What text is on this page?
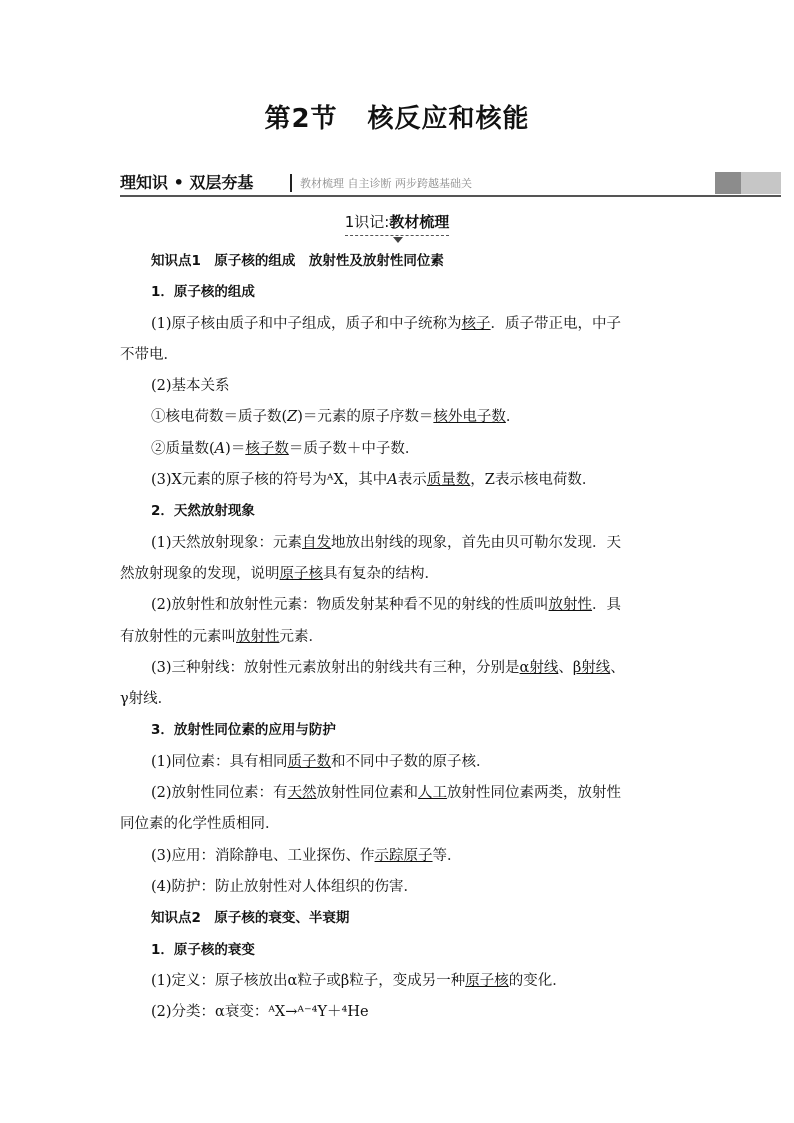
第2节 核反应和核能
理知识 • 双层夯基	教材梳理 自主诊断 两步跨越基础关
1识记:教材梳理
知识点1　原子核的组成　放射性及放射性同位素
1．原子核的组成
(1)原子核由质子和中子组成，质子和中子统称为核子．质子带正电，中子
不带电．
(2)基本关系
①核电荷数＝质子数(Z)＝元素的原子序数＝核外电子数．
②质量数(A)＝核子数＝质子数＋中子数．
(3)X元素的原子核的符号为ᴬX，其中A表示质量数，Z表示核电荷数．
2．天然放射现象
(1)天然放射现象：元素自发地放出射线的现象，首先由贝可勒尔发现．天
然放射现象的发现，说明原子核具有复杂的结构．
(2)放射性和放射性元素：物质发射某种看不见的射线的性质叫放射性．具
有放射性的元素叫放射性元素．
(3)三种射线：放射性元素放射出的射线共有三种，分别是α射线、β射线、
γ射线．
3．放射性同位素的应用与防护
(1)同位素：具有相同质子数和不同中子数的原子核．
(2)放射性同位素：有天然放射性同位素和人工放射性同位素两类，放射性
同位素的化学性质相同．
(3)应用：消除静电、工业探伤、作示踪原子等．
(4)防护：防止放射性对人体组织的伤害．
知识点2　原子核的衰变、半衰期
1．原子核的衰变
(1)定义：原子核放出α粒子或β粒子，变成另一种原子核的变化．
(2)分类：α衰变：ᴬX→ᴬ⁻⁴Y＋⁴He
